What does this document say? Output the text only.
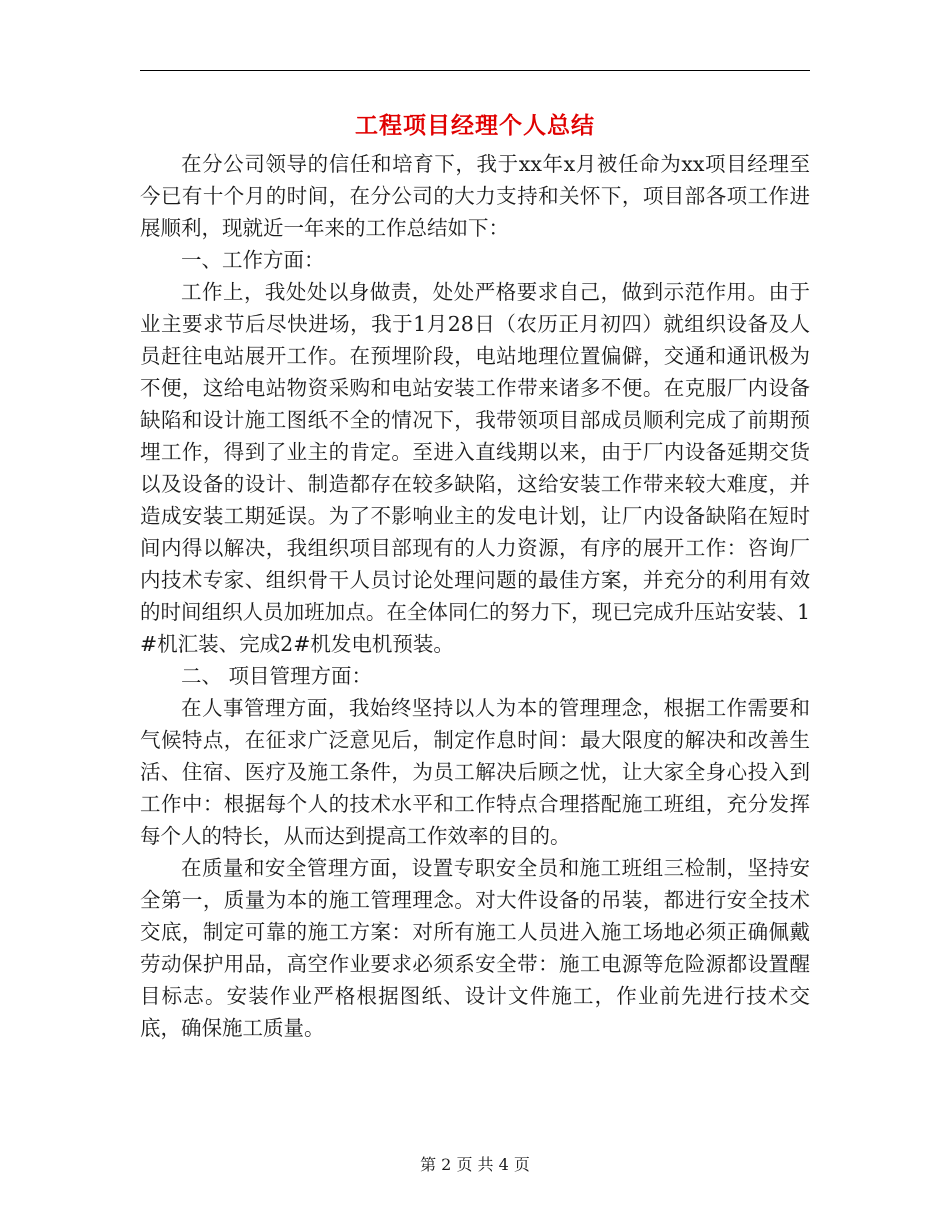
工程项目经理个人总结

在分公司领导的信任和培育下，我于xx年x月被任命为xx项目经理至今已有十个月的时间，在分公司的大力支持和关怀下，项目部各项工作进展顺利，现就近一年来的工作总结如下：

一、工作方面：

工作上，我处处以身做责，处处严格要求自己，做到示范作用。由于业主要求节后尽快进场，我于1月28日（农历正月初四）就组织设备及人员赶往电站展开工作。在预埋阶段，电站地理位置偏僻，交通和通讯极为不便，这给电站物资采购和电站安装工作带来诸多不便。在克服厂内设备缺陷和设计施工图纸不全的情况下，我带领项目部成员顺利完成了前期预埋工作，得到了业主的肯定。至进入直线期以来，由于厂内设备延期交货以及设备的设计、制造都存在较多缺陷，这给安装工作带来较大难度，并造成安装工期延误。为了不影响业主的发电计划，让厂内设备缺陷在短时间内得以解决，我组织项目部现有的人力资源，有序的展开工作：咨询厂内技术专家、组织骨干人员讨论处理问题的最佳方案，并充分的利用有效的时间组织人员加班加点。在全体同仁的努力下，现已完成升压站安装、1#机汇装、完成2#机发电机预装。

二、 项目管理方面：

在人事管理方面，我始终坚持以人为本的管理理念，根据工作需要和气候特点，在征求广泛意见后，制定作息时间：最大限度的解决和改善生活、住宿、医疗及施工条件，为员工解决后顾之忧，让大家全身心投入到工作中：根据每个人的技术水平和工作特点合理搭配施工班组，充分发挥每个人的特长，从而达到提高工作效率的目的。

在质量和安全管理方面，设置专职安全员和施工班组三检制，坚持安全第一，质量为本的施工管理理念。对大件设备的吊装，都进行安全技术交底，制定可靠的施工方案：对所有施工人员进入施工场地必须正确佩戴劳动保护用品，高空作业要求必须系安全带：施工电源等危险源都设置醒目标志。安装作业严格根据图纸、设计文件施工，作业前先进行技术交底，确保施工质量。

第 2 页 共 4 页
